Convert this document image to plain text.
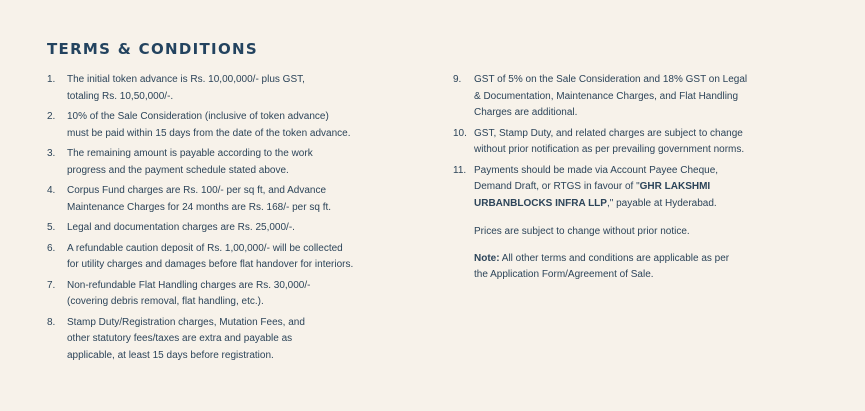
TERMS & CONDITIONS
1.	The initial token advance is Rs. 10,00,000/- plus GST,
totaling Rs. 10,50,000/-.
2.	10% of the Sale Consideration (inclusive of token advance)
must be paid within 15 days from the date of the token advance.
3.	The remaining amount is payable according to the work
progress and the payment schedule stated above.
4.	Corpus Fund charges are Rs. 100/- per sq ft, and Advance
Maintenance Charges for 24 months are Rs. 168/- per sq ft.
5.	Legal and documentation charges are Rs. 25,000/-.
6.	A refundable caution deposit of Rs. 1,00,000/- will be collected
for utility charges and damages before flat handover for interiors.
7.	Non-refundable Flat Handling charges are Rs. 30,000/-
(covering debris removal, flat handling, etc.).
8.	Stamp Duty/Registration charges, Mutation Fees, and
other statutory fees/taxes are extra and payable as
applicable, at least 15 days before registration.
9.	GST of 5% on the Sale Consideration and 18% GST on Legal
& Documentation, Maintenance Charges, and Flat Handling
Charges are additional.
10. GST, Stamp Duty, and related charges are subject to change
without prior notification as per prevailing government norms.
11. Payments should be made via Account Payee Cheque,
Demand Draft, or RTGS in favour of "GHR LAKSHMI
URBANBLOCKS INFRA LLP," payable at Hyderabad.
Prices are subject to change without prior notice.
Note: All other terms and conditions are applicable as per
the Application Form/Agreement of Sale.
